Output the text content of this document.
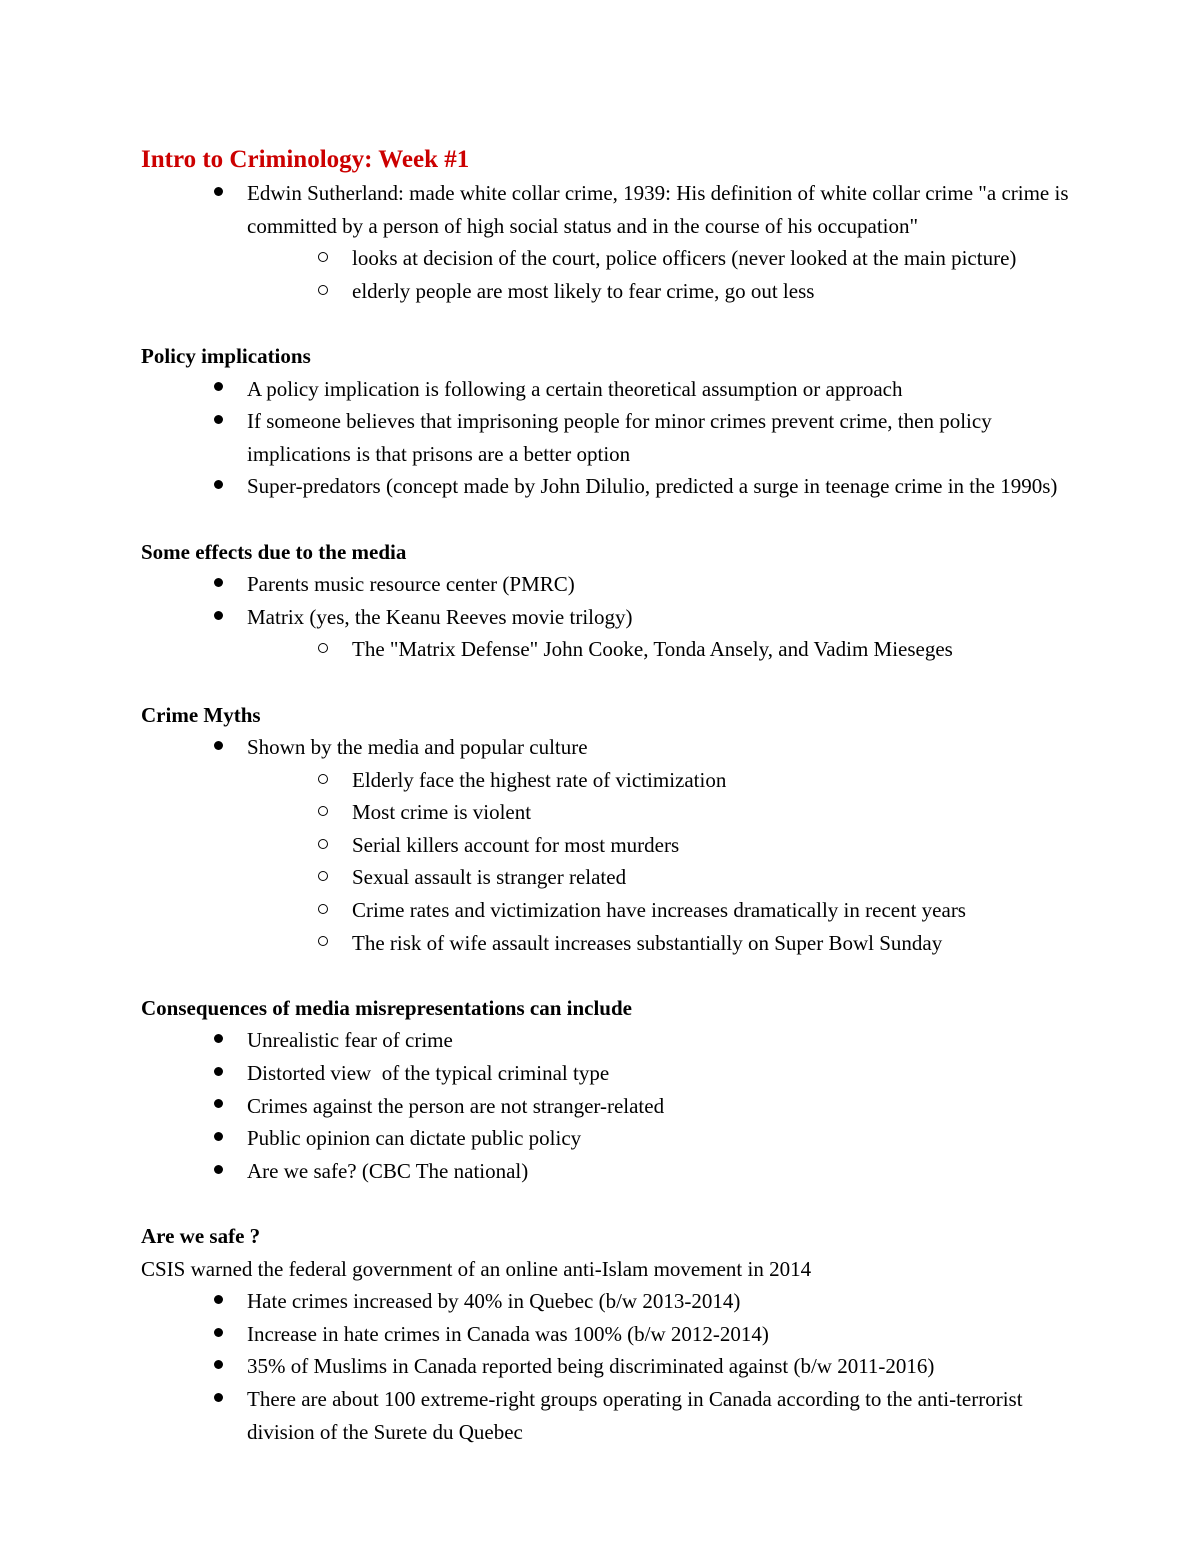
Intro to Criminology: Week #1
Edwin Sutherland: made white collar crime, 1939: His definition of white collar crime "a crime is committed by a person of high social status and in the course of his occupation"
looks at decision of the court, police officers (never looked at the main picture)
elderly people are most likely to fear crime, go out less

Policy implications

A policy implication is following a certain theoretical assumption or approach
If someone believes that imprisoning people for minor crimes prevent crime, then policy implications is that prisons are a better option
Super-predators (concept made by John Dilulio, predicted a surge in teenage crime in the 1990s)

Some effects due to the media

Parents music resource center (PMRC)
Matrix (yes, the Keanu Reeves movie trilogy)
The "Matrix Defense" John Cooke, Tonda Ansely, and Vadim Mieseges

Crime Myths

Shown by the media and popular culture
Elderly face the highest rate of victimization
Most crime is violent
Serial killers account for most murders
Sexual assault is stranger related
Crime rates and victimization have increases dramatically in recent years
The risk of wife assault increases substantially on Super Bowl Sunday

Consequences of media misrepresentations can include

Unrealistic fear of crime
Distorted view  of the typical criminal type
Crimes against the person are not stranger-related
Public opinion can dictate public policy
Are we safe? (CBC The national)

Are we safe ?

CSIS warned the federal government of an online anti-Islam movement in 2014

Hate crimes increased by 40% in Quebec (b/w 2013-2014)
Increase in hate crimes in Canada was 100% (b/w 2012-2014)
35% of Muslims in Canada reported being discriminated against (b/w 2011-2016)
There are about 100 extreme-right groups operating in Canada according to the anti-terrorist division of the Surete du Quebec
